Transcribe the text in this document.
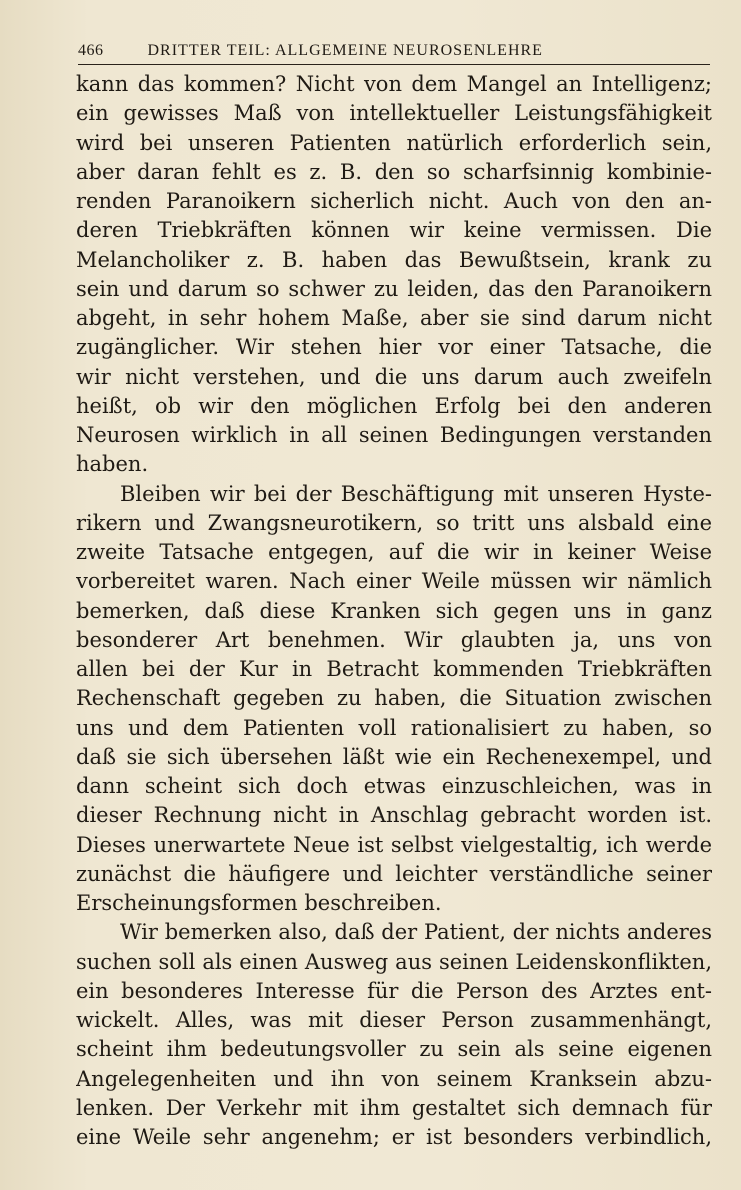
466	DRITTER TEIL: ALLGEMEINE NEUROSENLEHRE
kann das kommen? Nicht von dem Mangel an Intelligenz;
ein gewisses Maß von intellektueller Leistungsfähigkeit
wird bei unseren Patienten natürlich erforderlich sein,
aber daran fehlt es z. B. den so scharfsinnig kombinie-
renden Paranoikern sicherlich nicht. Auch von den an-
deren Triebkräften können wir keine vermissen. Die
Melancholiker z. B. haben das Bewußtsein, krank zu
sein und darum so schwer zu leiden, das den Paranoikern
abgeht, in sehr hohem Maße, aber sie sind darum nicht
zugänglicher. Wir stehen hier vor einer Tatsache, die
wir nicht verstehen, und die uns darum auch zweifeln
heißt, ob wir den möglichen Erfolg bei den anderen
Neurosen wirklich in all seinen Bedingungen verstanden
haben.
Bleiben wir bei der Beschäftigung mit unseren Hyste-
rikern und Zwangsneurotikern, so tritt uns alsbald eine
zweite Tatsache entgegen, auf die wir in keiner Weise
vorbereitet waren. Nach einer Weile müssen wir nämlich
bemerken, daß diese Kranken sich gegen uns in ganz
besonderer Art benehmen. Wir glaubten ja, uns von
allen bei der Kur in Betracht kommenden Triebkräften
Rechenschaft gegeben zu haben, die Situation zwischen
uns und dem Patienten voll rationalisiert zu haben, so
daß sie sich übersehen läßt wie ein Rechenexempel, und
dann scheint sich doch etwas einzuschleichen, was in
dieser Rechnung nicht in Anschlag gebracht worden ist.
Dieses unerwartete Neue ist selbst vielgestaltig, ich werde
zunächst die häufigere und leichter verständliche seiner
Erscheinungsformen beschreiben.
Wir bemerken also, daß der Patient, der nichts anderes
suchen soll als einen Ausweg aus seinen Leidenskonflikten,
ein besonderes Interesse für die Person des Arztes ent-
wickelt. Alles, was mit dieser Person zusammenhängt,
scheint ihm bedeutungsvoller zu sein als seine eigenen
Angelegenheiten und ihn von seinem Kranksein abzu-
lenken. Der Verkehr mit ihm gestaltet sich demnach für
eine Weile sehr angenehm; er ist besonders verbindlich,
